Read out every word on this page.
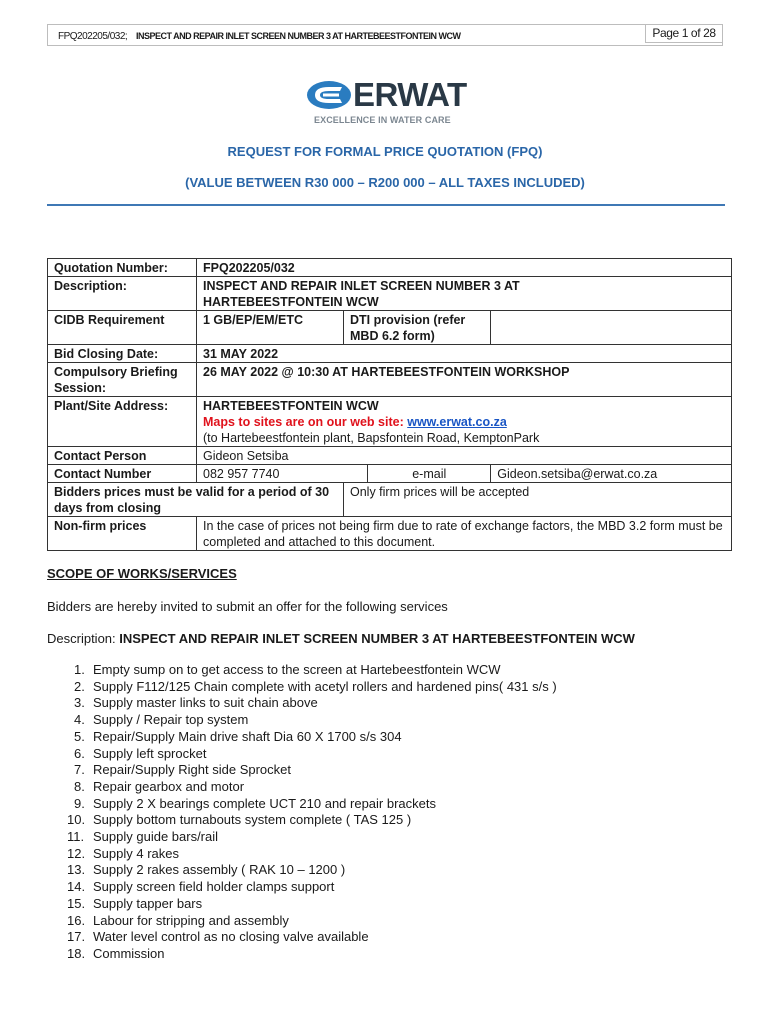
FPQ202205/032; INSPECT AND REPAIR INLET SCREEN NUMBER 3 AT HARTEBEESTFONTEIN WCW	Page 1 of 28
ERWAT
EXCELLENCE IN WATER CARE
REQUEST FOR FORMAL PRICE QUOTATION (FPQ)
(VALUE BETWEEN R30 000 – R200 000 – ALL TAXES INCLUDED)
Quotation Number:	FPQ202205/032			
Description:	INSPECT AND REPAIR INLET SCREEN NUMBER 3 AT HARTEBEESTFONTEIN WCW			
CIDB Requirement	1 GB/EP/EM/ETC	DTI provision (refer MBD 6.2 form)		
Bid Closing Date:	31 MAY 2022			
Compulsory Briefing Session:	26 MAY 2022 @ 10:30 AT HARTEBEESTFONTEIN WORKSHOP			
Plant/Site Address:	HARTEBEESTFONTEIN WCW
Maps to sites are on our web site: www.erwat.co.za
(to Hartebeestfontein plant, Bapsfontein Road, KemptonPark			

Contact Person	Gideon Setsiba			
Contact Number	082 957 7740		e-mail	Gideon.setsiba@erwat.co.za
Bidders prices must be valid for a period of 30 days from closing		Only firm prices will be accepted		
Non-firm prices	In the case of prices not being firm due to rate of exchange factors, the MBD 3.2 form must be completed and attached to this document.			
SCOPE OF WORKS/SERVICES
Bidders are hereby invited to submit an offer for the following services
Description: INSPECT AND REPAIR INLET SCREEN NUMBER 3 AT HARTEBEESTFONTEIN WCW
1. Empty sump on to get access to the screen at Hartebeestfontein WCW
2. Supply F112/125 Chain complete with acetyl rollers and hardened pins( 431 s/s )
3. Supply master links to suit chain above
4. Supply / Repair top system
5. Repair/Supply Main drive shaft Dia 60 X 1700 s/s 304
6. Supply left sprocket
7. Repair/Supply Right side Sprocket
8. Repair gearbox and motor
9. Supply 2 X bearings complete UCT 210 and repair brackets
10. Supply bottom turnabouts system complete ( TAS 125 )
11. Supply guide bars/rail
12. Supply 4 rakes
13. Supply 2 rakes assembly ( RAK 10 – 1200 )
14. Supply screen field holder clamps support
15. Supply tapper bars
16. Labour for stripping and assembly
17. Water level control as no closing valve available
18. Commission
